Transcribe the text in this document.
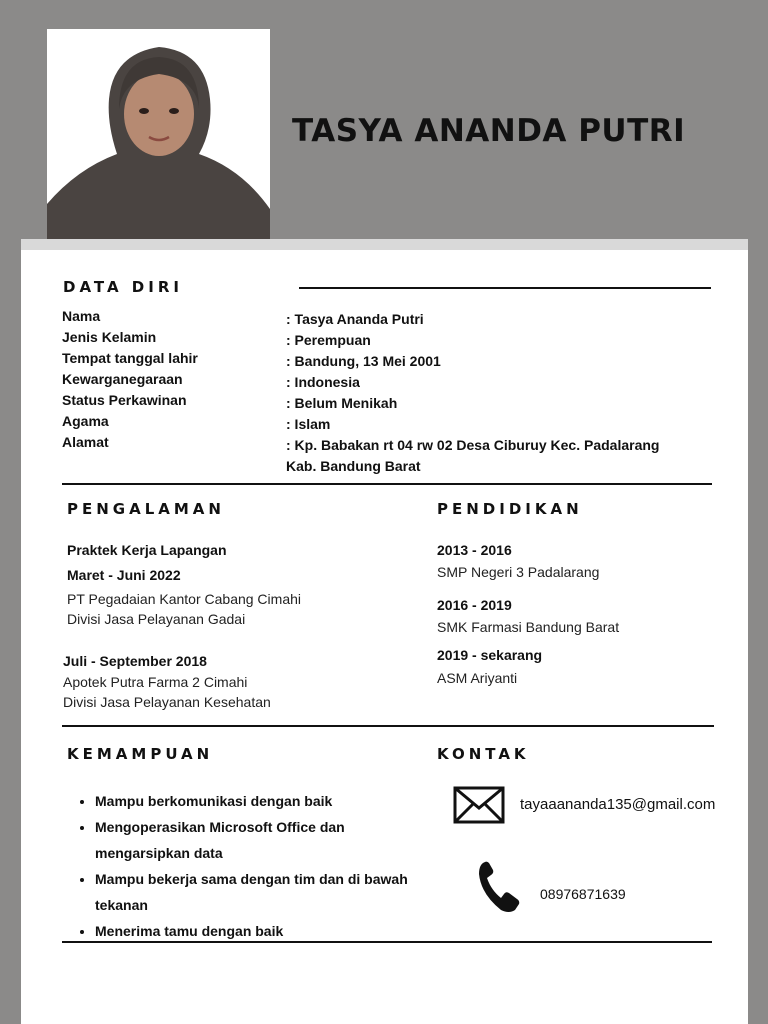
TASYA ANANDA PUTRI
DATA DIRI
Nama	: Tasya Ananda Putri
Jenis Kelamin	: Perempuan
Tempat tanggal lahir	: Bandung, 13 Mei 2001
Kewarganegaraan	: Indonesia
Status Perkawinan	: Belum Menikah
Agama	: Islam
Alamat	: Kp. Babakan rt 04 rw 02 Desa Ciburuy Kec. Padalarang
Kab. Bandung Barat
PENGALAMAN
Praktek Kerja Lapangan
Maret - Juni 2022
PT Pegadaian Kantor Cabang Cimahi
Divisi Jasa Pelayanan Gadai
Juli - September 2018
Apotek Putra Farma 2 Cimahi
Divisi Jasa Pelayanan Kesehatan
PENDIDIKAN
2013 - 2016
SMP Negeri 3 Padalarang
2016 - 2019
SMK Farmasi Bandung Barat
2019 - sekarang
ASM Ariyanti
KEMAMPUAN
• Mampu berkomunikasi dengan baik
• Mengoperasikan Microsoft Office dan mengarsipkan data
• Mampu bekerja sama dengan tim dan di bawah tekanan
• Menerima tamu dengan baik
KONTAK
tayaaananda135@gmail.com
08976871639
